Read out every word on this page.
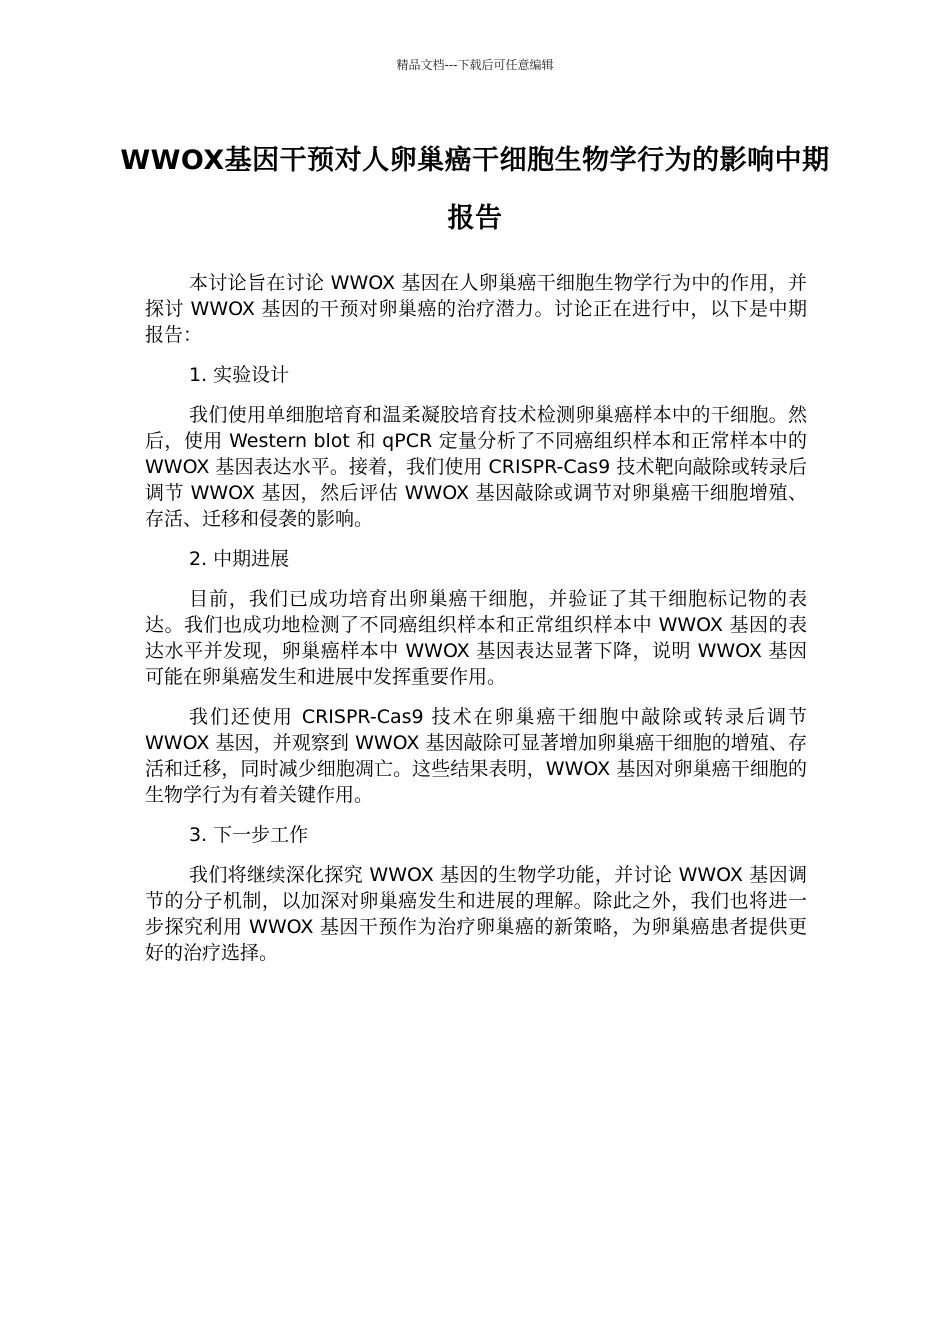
精品文档---下载后可任意编辑
WWOX基因干预对人卵巢癌干细胞生物学行为的影响中期报告

本讨论旨在讨论 WWOX 基因在人卵巢癌干细胞生物学行为中的作用，并探讨 WWOX 基因的干预对卵巢癌的治疗潜力。讨论正在进行中，以下是中期报告：

1. 实验设计

我们使用单细胞培育和温柔凝胶培育技术检测卵巢癌样本中的干细胞。然后，使用 Western blot 和 qPCR 定量分析了不同癌组织样本和正常样本中的 WWOX 基因表达水平。接着，我们使用 CRISPR-Cas9 技术靶向敲除或转录后调节 WWOX 基因，然后评估 WWOX 基因敲除或调节对卵巢癌干细胞增殖、存活、迁移和侵袭的影响。

2. 中期进展

目前，我们已成功培育出卵巢癌干细胞，并验证了其干细胞标记物的表达。我们也成功地检测了不同癌组织样本和正常组织样本中 WWOX 基因的表达水平并发现，卵巢癌样本中 WWOX 基因表达显著下降，说明 WWOX 基因可能在卵巢癌发生和进展中发挥重要作用。

我们还使用 CRISPR-Cas9 技术在卵巢癌干细胞中敲除或转录后调节 WWOX 基因，并观察到 WWOX 基因敲除可显著增加卵巢癌干细胞的增殖、存活和迁移，同时减少细胞凋亡。这些结果表明，WWOX 基因对卵巢癌干细胞的生物学行为有着关键作用。

3. 下一步工作

我们将继续深化探究 WWOX 基因的生物学功能，并讨论 WWOX 基因调节的分子机制，以加深对卵巢癌发生和进展的理解。除此之外，我们也将进一步探究利用 WWOX 基因干预作为治疗卵巢癌的新策略，为卵巢癌患者提供更好的治疗选择。
